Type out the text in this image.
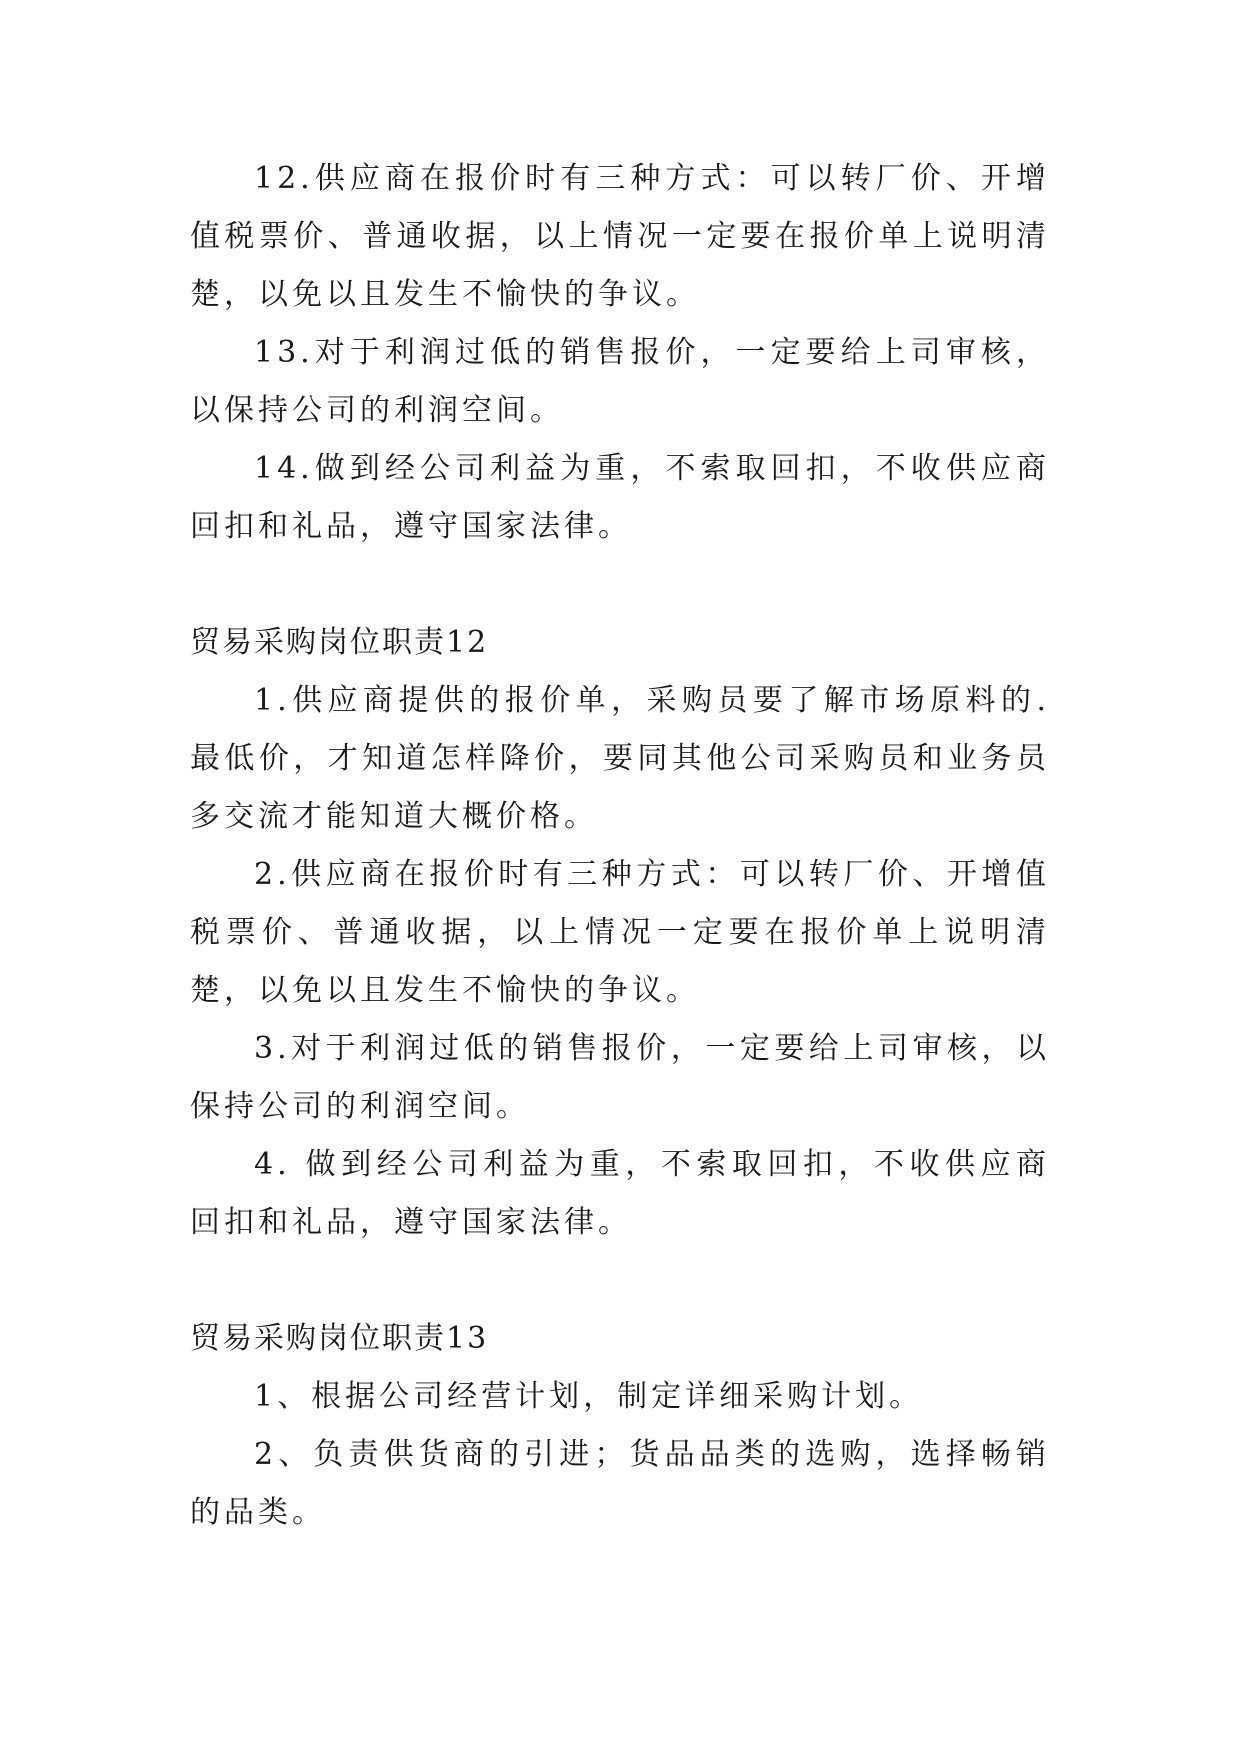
12.供应商在报价时有三种方式：可以转厂价、开增值税票价、普通收据，以上情况一定要在报价单上说明清楚，以免以且发生不愉快的争议。

13.对于利润过低的销售报价，一定要给上司审核，以保持公司的利润空间。

14.做到经公司利益为重，不索取回扣，不收供应商回扣和礼品，遵守国家法律。

贸易采购岗位职责12

1.供应商提供的报价单，采购员要了解市场原料的.最低价，才知道怎样降价，要同其他公司采购员和业务员多交流才能知道大概价格。

2.供应商在报价时有三种方式：可以转厂价、开增值税票价、普通收据，以上情况一定要在报价单上说明清楚，以免以且发生不愉快的争议。

3.对于利润过低的销售报价，一定要给上司审核，以保持公司的利润空间。

4. 做到经公司利益为重，不索取回扣，不收供应商回扣和礼品，遵守国家法律。

贸易采购岗位职责13

1、根据公司经营计划，制定详细采购计划。

2、负责供货商的引进；货品品类的选购，选择畅销的品类。
